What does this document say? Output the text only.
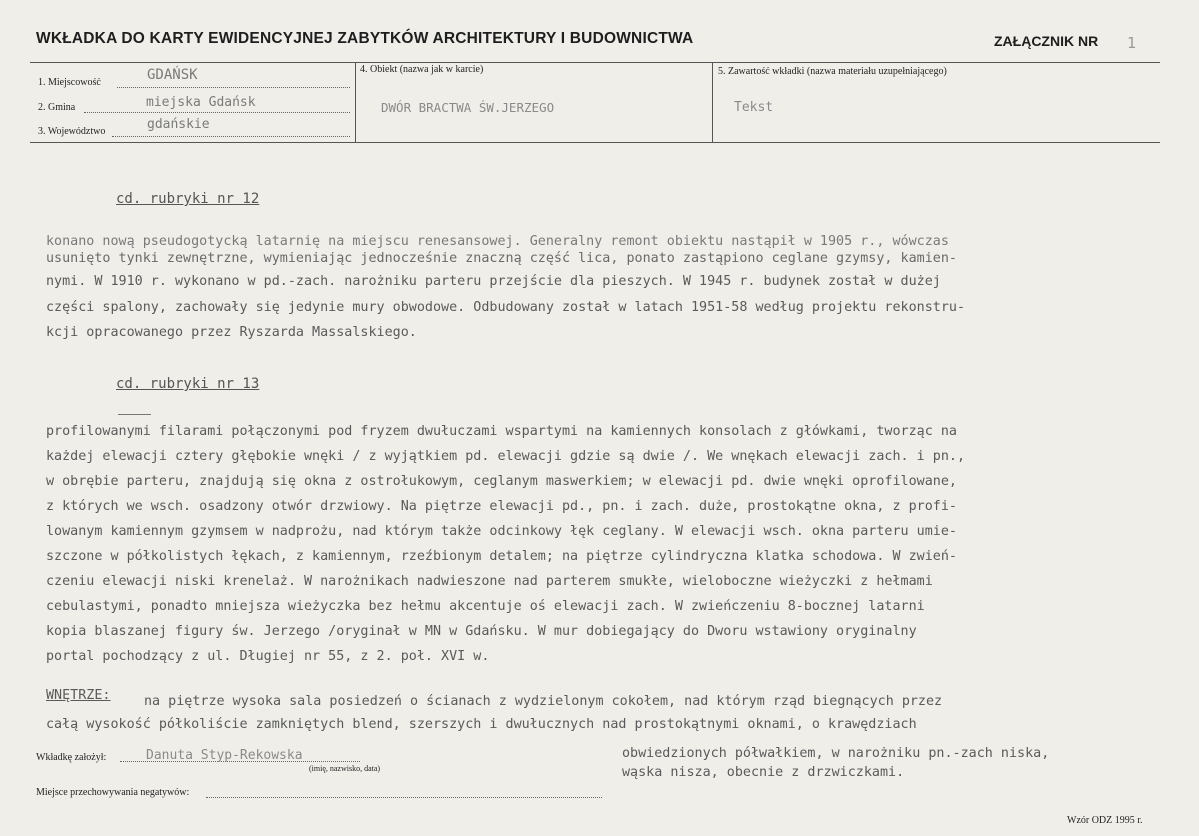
WKŁADKA DO KARTY EWIDENCYJNEJ ZABYTKÓW ARCHITEKTURY I BUDOWNICTWA	ZAŁĄCZNIK NR 1
1. Miejscowość	GDAŃSK
2. Gmina	miejska Gdańsk
3. Województwo	gdańskie
4. Obiekt (nazwa jak w karcie)
DWÓR BRACTWA ŚW.JERZEGO
5. Zawartość wkładki (nazwa materiału uzupełniającego)
Tekst
cd. rubryki nr 12
konano nową pseudogotycką latarnię na miejscu renesansowej. Generalny remont obiektu nastąpił w 1905 r., wówczas
usunięto tynki zewnętrzne, wymieniając jednocześnie znaczną część lica, ponato zastąpiono ceglane gzymsy, kamien-
nymi. W 1910 r. wykonano w pd.-zach. narożniku parteru przejście dla pieszych. W 1945 r. budynek został w dużej
części spalony, zachowały się jedynie mury obwodowe. Odbudowany został w latach 1951-58 według projektu rekonstru-
kcji opracowanego przez Ryszarda Massalskiego.
cd. rubryki nr 13
profilowanymi filarami połączonymi pod fryzem dwułuczami wspartymi na kamiennych konsolach z główkami, tworząc na
każdej elewacji cztery głębokie wnęki / z wyjątkiem pd. elewacji gdzie są dwie /. We wnękach elewacji zach. i pn.,
w obrębie parteru, znajdują się okna z ostrołukowym, ceglanym maswerkiem; w elewacji pd. dwie wnęki oprofilowane,
z których we wsch. osadzony otwór drzwiowy. Na piętrze elewacji pd., pn. i zach. duże, prostokątne okna, z profi-
lowanym kamiennym gzymsem w nadprożu, nad którym także odcinkowy łęk ceglany. W elewacji wsch. okna parteru umie-
szczone w półkolistych łękach, z kamiennym, rzeźbionym detalem; na piętrze cylindryczna klatka schodowa. W zwień-
czeniu elewacji niski krenelaż. W narożnikach nadwieszone nad parterem smukłe, wieloboczne wieżyczki z hełmami
cebulastymi, ponadto mniejsza wieżyczka bez hełmu akcentuje oś elewacji zach. W zwieńczeniu 8-bocznej latarni
kopia blaszanej figury św. Jerzego /oryginał w MN w Gdańsku. W mur dobiegający do Dworu wstawiony oryginalny
portal pochodzący z ul. Długiej nr 55, z 2. poł. XVI w.
WNĘTRZE:	na piętrze wysoka sala posiedzeń o ścianach z wydzielonym cokołem, nad którym rząd biegnących przez
całą wysokość półkoliście zamkniętych blend, szerszych i dwułucznych nad prostokątnymi oknami, o krawędziach
Wkładkę założył:	Danuta Styp-Rekowska
(imię, nazwisko, data)
Miejsce przechowywania negatywów:
obwiedzionych półwałkiem, w narożniku pn.-zach niska,
wąska nisza, obecnie z drzwiczkami.
Wzór ODZ 1995 r.
